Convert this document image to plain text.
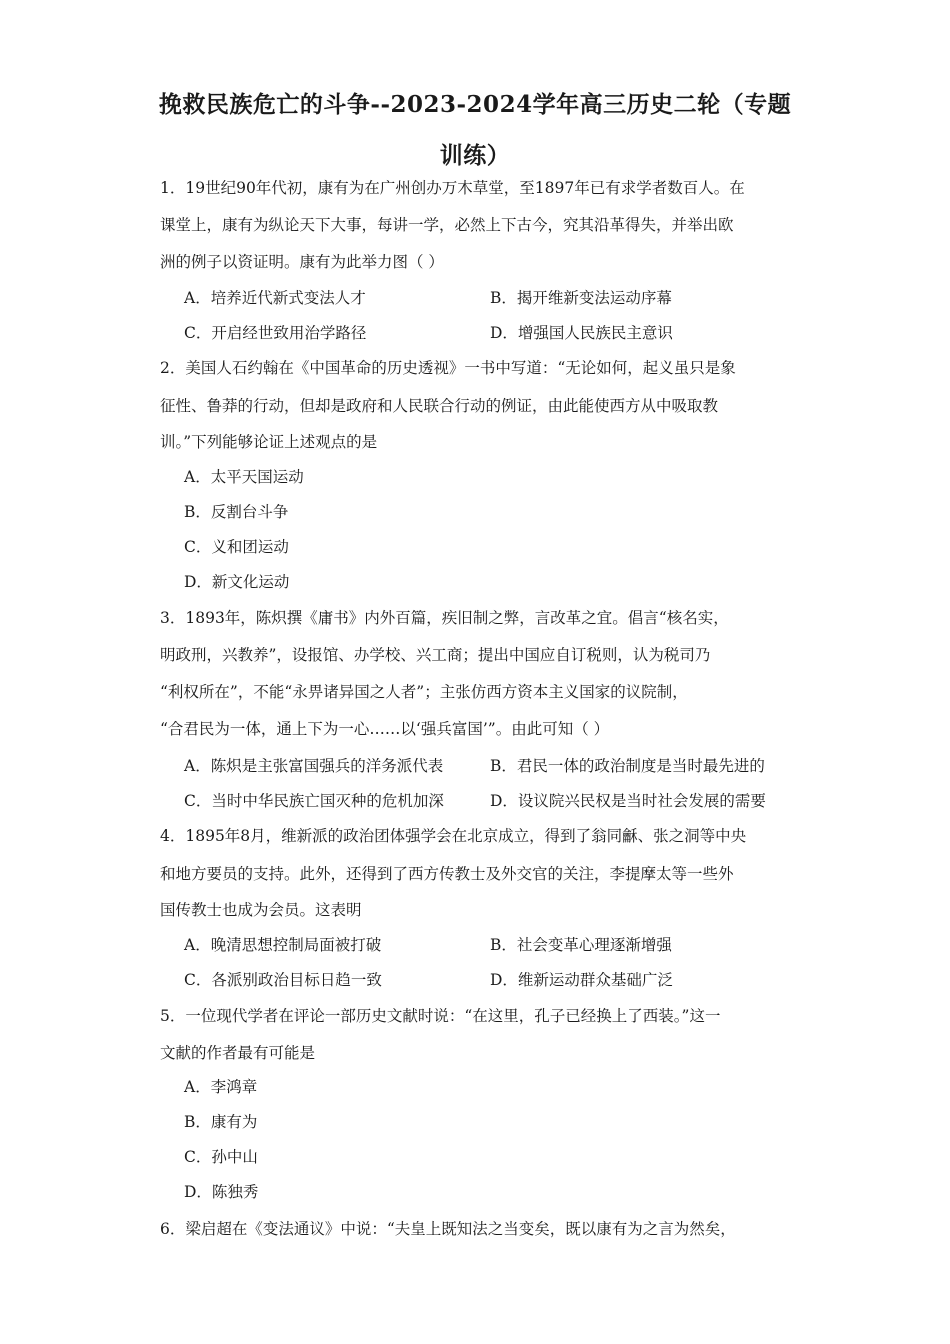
挽救民族危亡的斗争--2023-2024学年高三历史二轮（专题
训练）
1．19世纪90年代初，康有为在广州创办万木草堂，至1897年已有求学者数百人。在
课堂上，康有为纵论天下大事，每讲一学，必然上下古今，究其沿革得失，并举出欧
洲的例子以资证明。康有为此举力图（ ）
A．培养近代新式变法人才	B．揭开维新变法运动序幕
C．开启经世致用治学路径	D．增强国人民族民主意识
2．美国人石约翰在《中国革命的历史透视》一书中写道：“无论如何，起义虽只是象
征性、鲁莽的行动，但却是政府和人民联合行动的例证，由此能使西方从中吸取教
训。”下列能够论证上述观点的是
A．太平天国运动
B．反割台斗争
C．义和团运动
D．新文化运动
3．1893年，陈炽撰《庸书》内外百篇，疾旧制之弊，言改革之宜。倡言“核名实，
明政刑，兴教养”，设报馆、办学校、兴工商；提出中国应自订税则，认为税司乃
“利权所在”，不能“永畀诸异国之人者”；主张仿西方资本主义国家的议院制，
“合君民为一体，通上下为一心……以‘强兵富国’”。由此可知（ ）
A．陈炽是主张富国强兵的洋务派代表	B．君民一体的政治制度是当时最先进的
C．当时中华民族亡国灭种的危机加深	D．设议院兴民权是当时社会发展的需要
4．1895年8月，维新派的政治团体强学会在北京成立，得到了翁同龢、张之洞等中央
和地方要员的支持。此外，还得到了西方传教士及外交官的关注，李提摩太等一些外
国传教士也成为会员。这表明
A．晚清思想控制局面被打破	B．社会变革心理逐渐增强
C．各派别政治目标日趋一致	D．维新运动群众基础广泛
5．一位现代学者在评论一部历史文献时说：“在这里，孔子已经换上了西装。”这一
文献的作者最有可能是
A．李鸿章
B．康有为
C．孙中山
D．陈独秀
6．梁启超在《变法通议》中说：“夫皇上既知法之当变矣，既以康有为之言为然矣，
